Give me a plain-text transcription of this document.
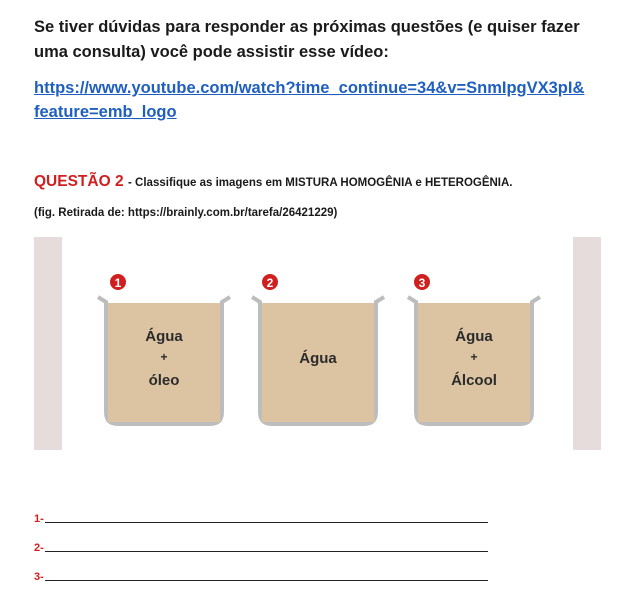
Se tiver dúvidas para responder as próximas questões (e quiser fazer
uma consulta) você pode assistir esse vídeo:
https://www.youtube.com/watch?time_continue=34&v=SnmIpgVX3pI&
feature=emb_logo
QUESTÃO 2 - Classifique as imagens em MISTURA HOMOGÊNIA e HETEROGÊNIA.
(fig. Retirada de: https://brainly.com.br/tarefa/26421229)
1
Água
+
óleo
2
Água
3
Água
+
Álcool
1-
2-
3-
